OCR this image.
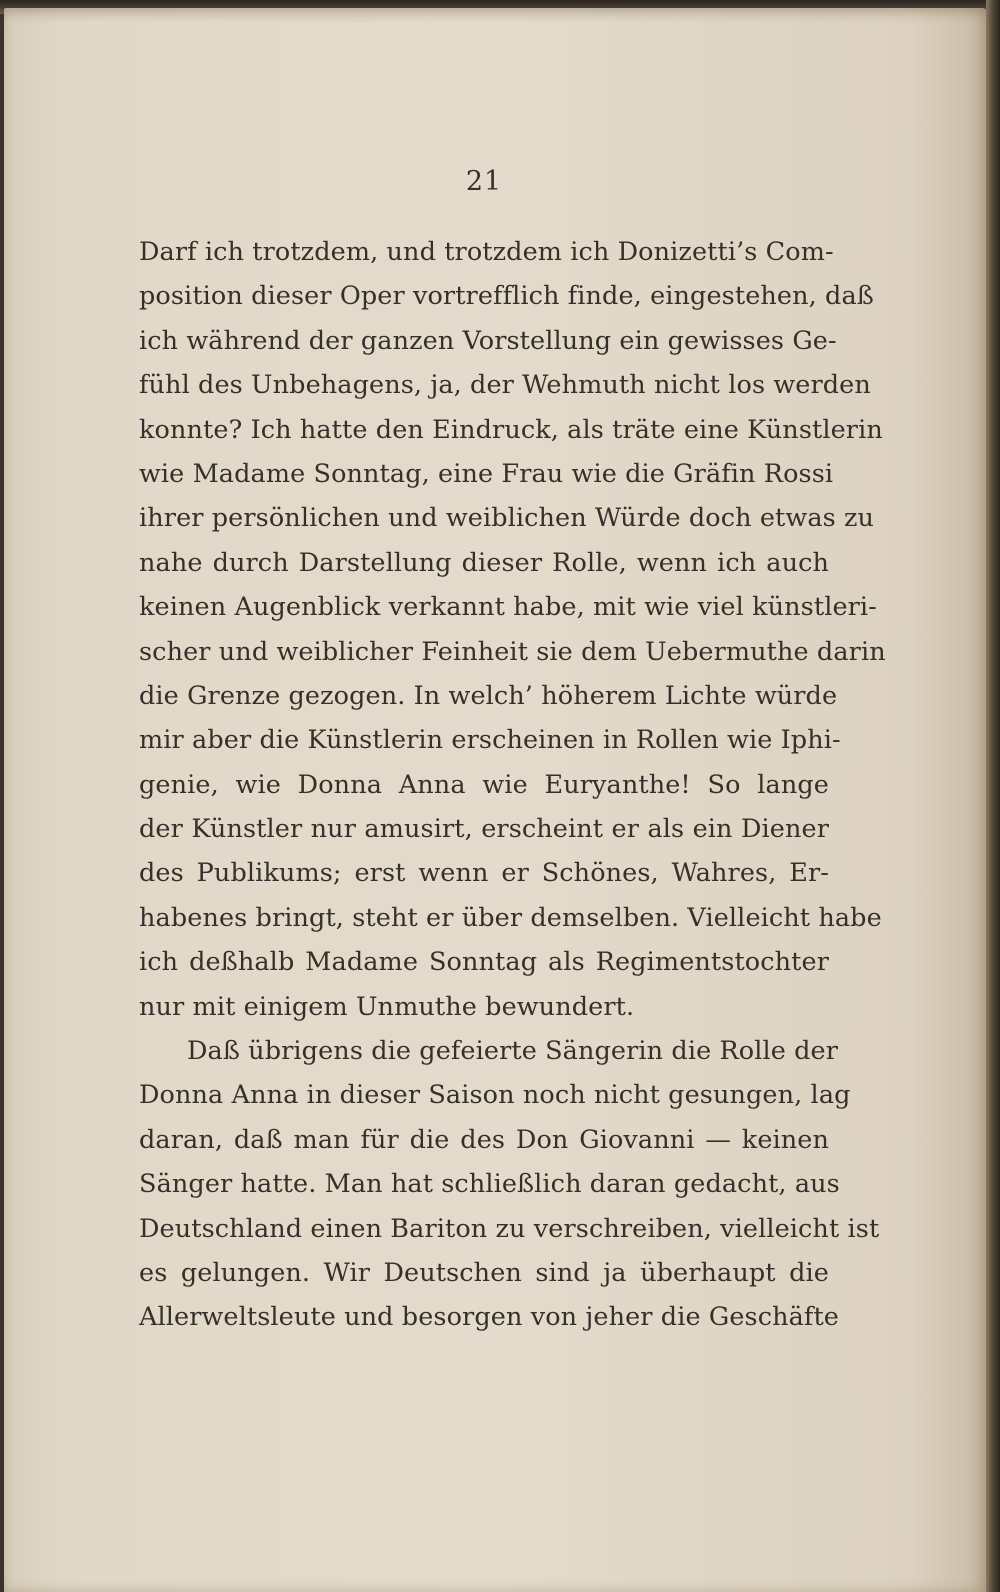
21
Darf ich trotzdem, und trotzdem ich Donizetti’s Com-
position dieser Oper vortrefflich finde, eingestehen, daß
ich während der ganzen Vorstellung ein gewisses Ge-
fühl des Unbehagens, ja, der Wehmuth nicht los werden
konnte? Ich hatte den Eindruck, als träte eine Künstlerin
wie Madame Sonntag, eine Frau wie die Gräfin Rossi
ihrer persönlichen und weiblichen Würde doch etwas zu
nahe durch Darstellung dieser Rolle, wenn ich auch
keinen Augenblick verkannt habe, mit wie viel künstleri-
scher und weiblicher Feinheit sie dem Uebermuthe darin
die Grenze gezogen. In welch’ höherem Lichte würde
mir aber die Künstlerin erscheinen in Rollen wie Iphi-
genie, wie Donna Anna wie Euryanthe! So lange
der Künstler nur amusirt, erscheint er als ein Diener
des Publikums; erst wenn er Schönes, Wahres, Er-
habenes bringt, steht er über demselben. Vielleicht habe
ich deßhalb Madame Sonntag als Regimentstochter
nur mit einigem Unmuthe bewundert.
Daß übrigens die gefeierte Sängerin die Rolle der
Donna Anna in dieser Saison noch nicht gesungen, lag
daran, daß man für die des Don Giovanni — keinen
Sänger hatte. Man hat schließlich daran gedacht, aus
Deutschland einen Bariton zu verschreiben, vielleicht ist
es gelungen. Wir Deutschen sind ja überhaupt die
Allerweltsleute und besorgen von jeher die Geschäfte
